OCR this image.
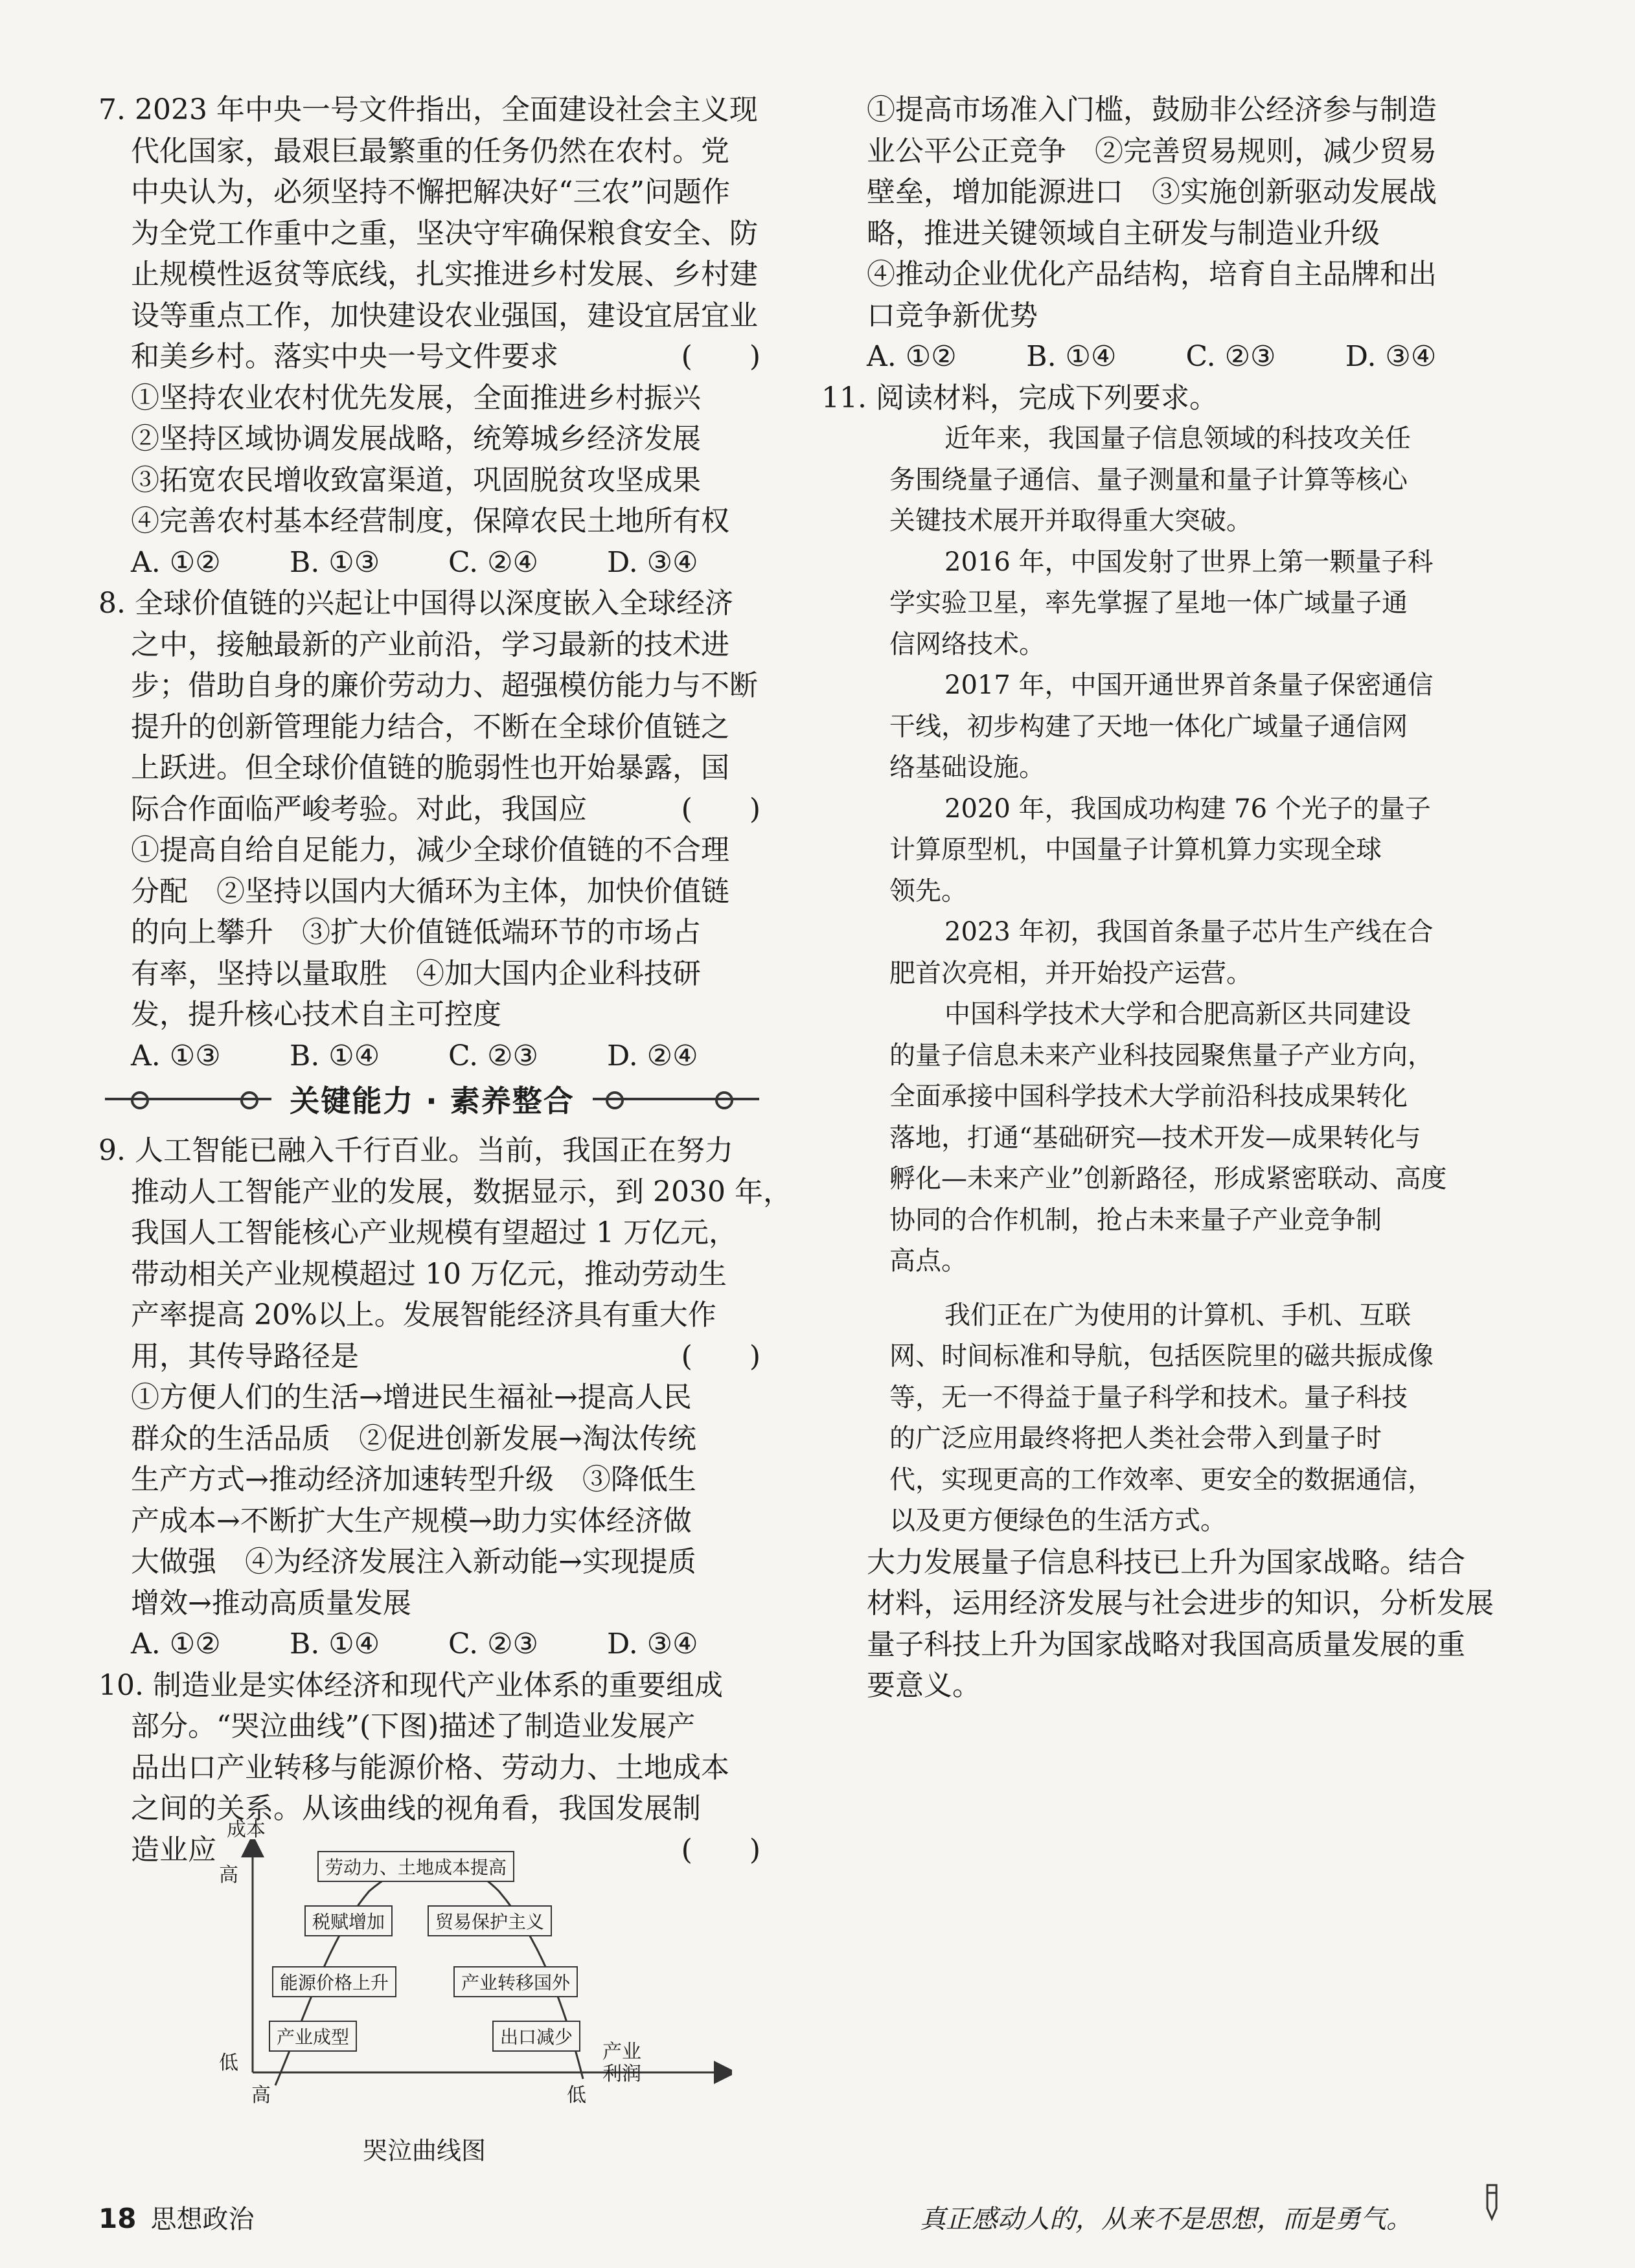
7. 2023 年中央一号文件指出，全面建设社会主义现
代化国家，最艰巨最繁重的任务仍然在农村。党
中央认为，必须坚持不懈把解决好“三农”问题作
为全党工作重中之重，坚决守牢确保粮食安全、防
止规模性返贫等底线，扎实推进乡村发展、乡村建
设等重点工作，加快建设农业强国，建设宜居宜业
和美乡村。落实中央一号文件要求	(　　)
①坚持农业农村优先发展，全面推进乡村振兴
②坚持区域协调发展战略，统筹城乡经济发展
③拓宽农民增收致富渠道，巩固脱贫攻坚成果
④完善农村基本经营制度，保障农民土地所有权
A. ①②	B. ①③	C. ②④	D. ③④
8. 全球价值链的兴起让中国得以深度嵌入全球经济
之中，接触最新的产业前沿，学习最新的技术进
步；借助自身的廉价劳动力、超强模仿能力与不断
提升的创新管理能力结合，不断在全球价值链之
上跃进。但全球价值链的脆弱性也开始暴露，国
际合作面临严峻考验。对此，我国应	(　　)
①提高自给自足能力，减少全球价值链的不合理
分配　②坚持以国内大循环为主体，加快价值链
的向上攀升　③扩大价值链低端环节的市场占
有率，坚持以量取胜　④加大国内企业科技研
发，提升核心技术自主可控度
A. ①③	B. ①④	C. ②③	D. ②④
关键能力 · 素养整合
9. 人工智能已融入千行百业。当前，我国正在努力
推动人工智能产业的发展，数据显示，到 2030 年，
我国人工智能核心产业规模有望超过 1 万亿元，
带动相关产业规模超过 10 万亿元，推动劳动生
产率提高 20%以上。发展智能经济具有重大作
用，其传导路径是	(　　)
①方便人们的生活→增进民生福祉→提高人民
群众的生活品质　②促进创新发展→淘汰传统
生产方式→推动经济加速转型升级　③降低生
产成本→不断扩大生产规模→助力实体经济做
大做强　④为经济发展注入新动能→实现提质
增效→推动高质量发展
A. ①②	B. ①④	C. ②③	D. ③④
10. 制造业是实体经济和现代产业体系的重要组成
部分。“哭泣曲线”(下图)描述了制造业发展产
品出口产业转移与能源价格、劳动力、土地成本
之间的关系。从该曲线的视角看，我国发展制
造业应	(　　)
成本
高
低
高	低
产业
利润
劳动力、土地成本提高
税赋增加	贸易保护主义
能源价格上升	产业转移国外
产业成型	出口减少
哭泣曲线图
①提高市场准入门槛，鼓励非公经济参与制造
业公平公正竞争　②完善贸易规则，减少贸易
壁垒，增加能源进口　③实施创新驱动发展战
略，推进关键领域自主研发与制造业升级
④推动企业优化产品结构，培育自主品牌和出
口竞争新优势
A. ①②	B. ①④	C. ②③	D. ③④
11. 阅读材料，完成下列要求。
近年来，我国量子信息领域的科技攻关任
务围绕量子通信、量子测量和量子计算等核心
关键技术展开并取得重大突破。
2016 年，中国发射了世界上第一颗量子科
学实验卫星，率先掌握了星地一体广域量子通
信网络技术。
2017 年，中国开通世界首条量子保密通信
干线，初步构建了天地一体化广域量子通信网
络基础设施。
2020 年，我国成功构建 76 个光子的量子
计算原型机，中国量子计算机算力实现全球
领先。
2023 年初，我国首条量子芯片生产线在合
肥首次亮相，并开始投产运营。
中国科学技术大学和合肥高新区共同建设
的量子信息未来产业科技园聚焦量子产业方向，
全面承接中国科学技术大学前沿科技成果转化
落地，打通“基础研究—技术开发—成果转化与
孵化—未来产业”创新路径，形成紧密联动、高度
协同的合作机制，抢占未来量子产业竞争制
高点。
我们正在广为使用的计算机、手机、互联
网、时间标准和导航，包括医院里的磁共振成像
等，无一不得益于量子科学和技术。量子科技
的广泛应用最终将把人类社会带入到量子时
代，实现更高的工作效率、更安全的数据通信，
以及更方便绿色的生活方式。
大力发展量子信息科技已上升为国家战略。结合
材料，运用经济发展与社会进步的知识，分析发展
量子科技上升为国家战略对我国高质量发展的重
要意义。
18 思想政治	真正感动人的，从来不是思想，而是勇气。
